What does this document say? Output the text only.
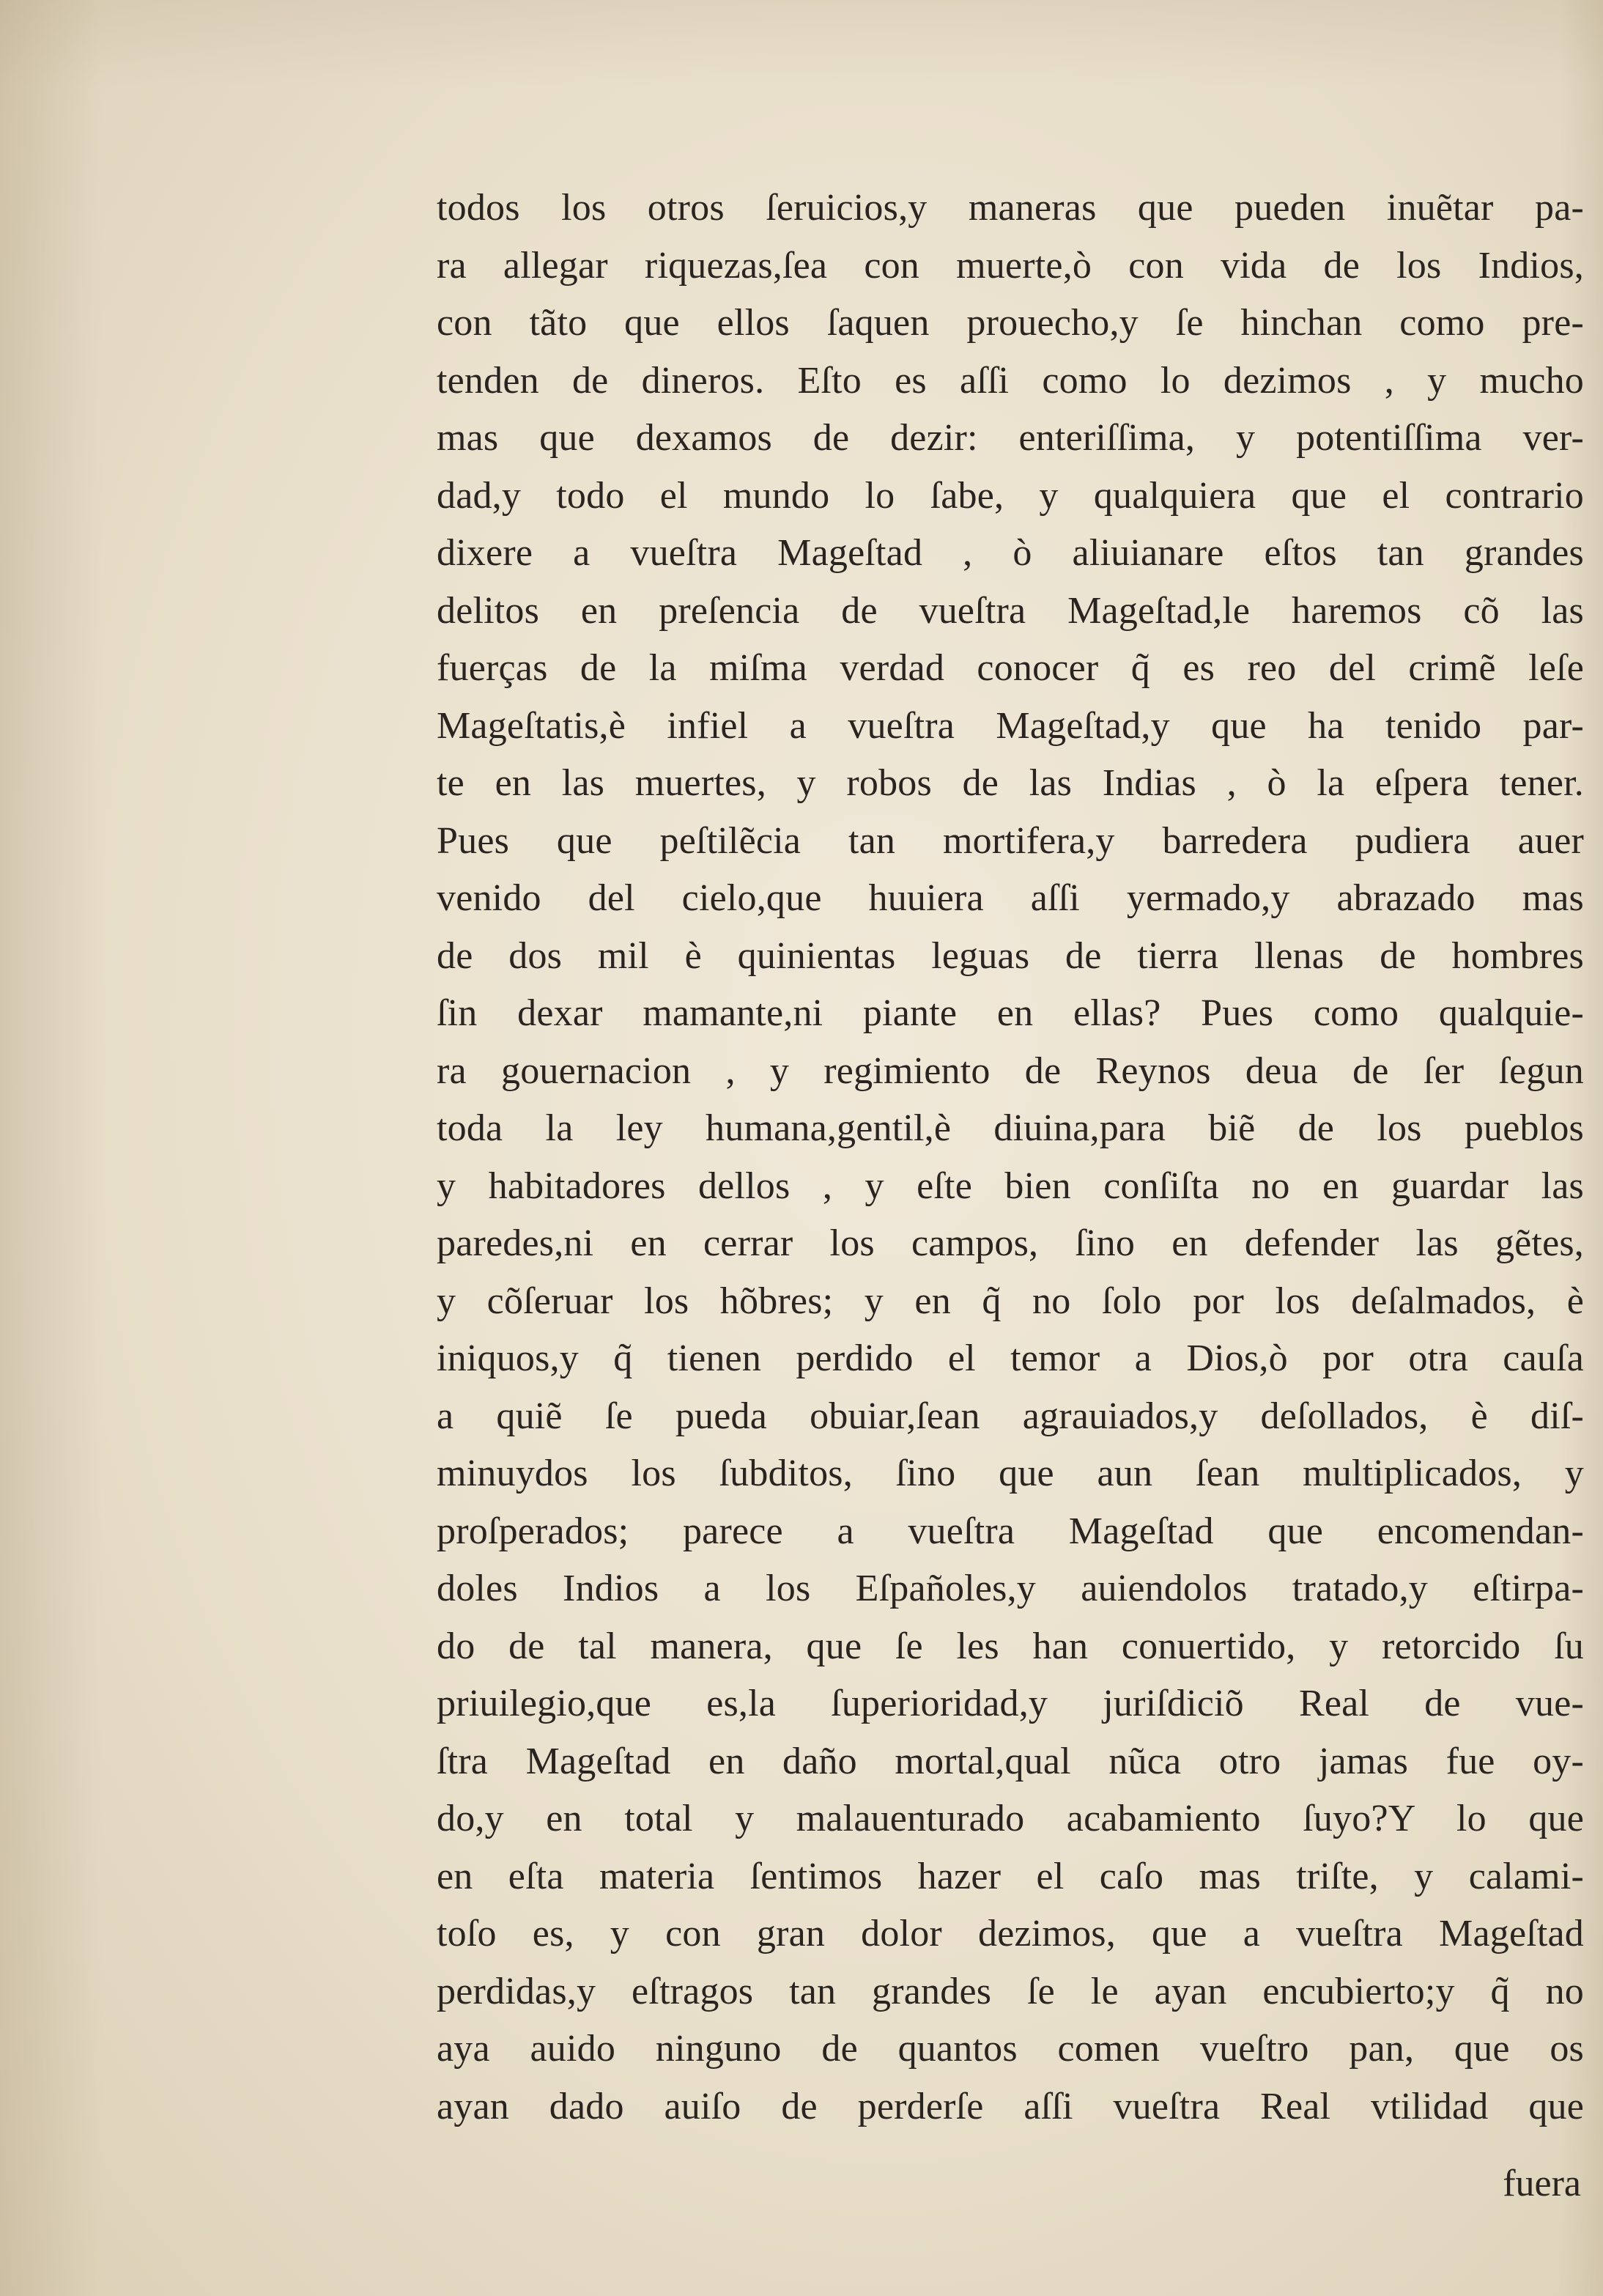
todos los otros ſeruicios,y maneras que pueden inuẽtar pa-
ra allegar riquezas,ſea con muerte,ò con vida de los Indios,
con tãto que ellos ſaquen prouecho,y ſe hinchan como pre-
tenden de dineros. Eſto es aſſi como lo dezimos , y mucho
mas que dexamos de dezir: enteriſſima, y potentiſſima ver-
dad,y todo el mundo lo ſabe, y qualquiera que el contrario
dixere a vueſtra Mageſtad , ò aliuianare eſtos tan grandes
delitos en preſencia de vueſtra Mageſtad,le haremos cõ las
fuerças de la miſma verdad conocer q̃ es reo del crimẽ leſe
Mageſtatis,è infiel a vueſtra Mageſtad,y que ha tenido par-
te en las muertes, y robos de las Indias , ò la eſpera tener.
Pues que peſtilẽcia tan mortifera,y barredera pudiera auer
venido del cielo,que huuiera aſſi yermado,y abrazado mas
de dos mil è quinientas leguas de tierra llenas de hombres
ſin dexar mamante,ni piante en ellas? Pues como qualquie-
ra gouernacion , y regimiento de Reynos deua de ſer ſegun
toda la ley humana,gentil,è diuina,para biẽ de los pueblos
y habitadores dellos , y eſte bien conſiſta no en guardar las
paredes,ni en cerrar los campos, ſino en defender las gẽtes,
y cõſeruar los hõbres; y en q̃ no ſolo por los deſalmados, è
iniquos,y q̃ tienen perdido el temor a Dios,ò por otra cauſa
a quiẽ ſe pueda obuiar,ſean agrauiados,y deſollados, è diſ-
minuydos los ſubditos, ſino que aun ſean multiplicados, y
proſperados; parece a vueſtra Mageſtad que encomendan-
doles Indios a los Eſpañoles,y auiendolos tratado,y eſtirpa-
do de tal manera, que ſe les han conuertido, y retorcido ſu
priuilegio,que es,la ſuperioridad,y juriſdiciõ Real de vue-
ſtra Mageſtad en daño mortal,qual nũca otro jamas fue oy-
do,y en total y malauenturado acabamiento ſuyo?Y lo que
en eſta materia ſentimos hazer el caſo mas triſte, y calami-
toſo es, y con gran dolor dezimos, que a vueſtra Mageſtad
perdidas,y eſtragos tan grandes ſe le ayan encubierto;y q̃ no
aya auido ninguno de quantos comen vueſtro pan, que os
ayan dado auiſo de perderſe aſſi vueſtra Real vtilidad que
fuera
